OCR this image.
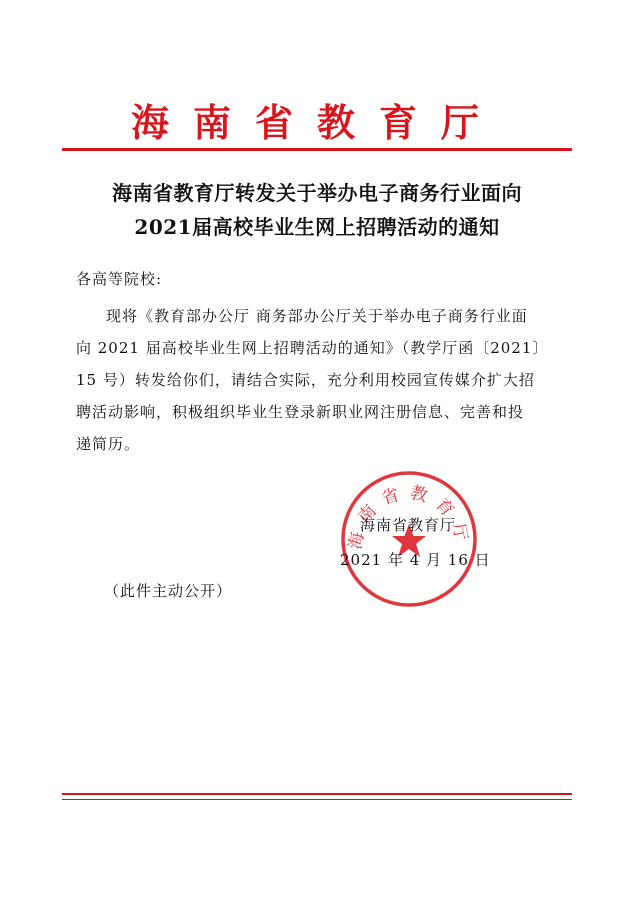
海南省教育厅
海南省教育厅转发关于举办电子商务行业面向
2021届高校毕业生网上招聘活动的通知
各高等院校:
现将《教育部办公厅 商务部办公厅关于举办电子商务行业面
向 2021 届高校毕业生网上招聘活动的通知》（教学厅函〔2021〕
15 号）转发给你们，请结合实际，充分利用校园宣传媒介扩大招
聘活动影响，积极组织毕业生登录新职业网注册信息、完善和投
递简历。
海南省教育厅
海南省教育厅
2021 年 4 月 16 日
（此件主动公开）
